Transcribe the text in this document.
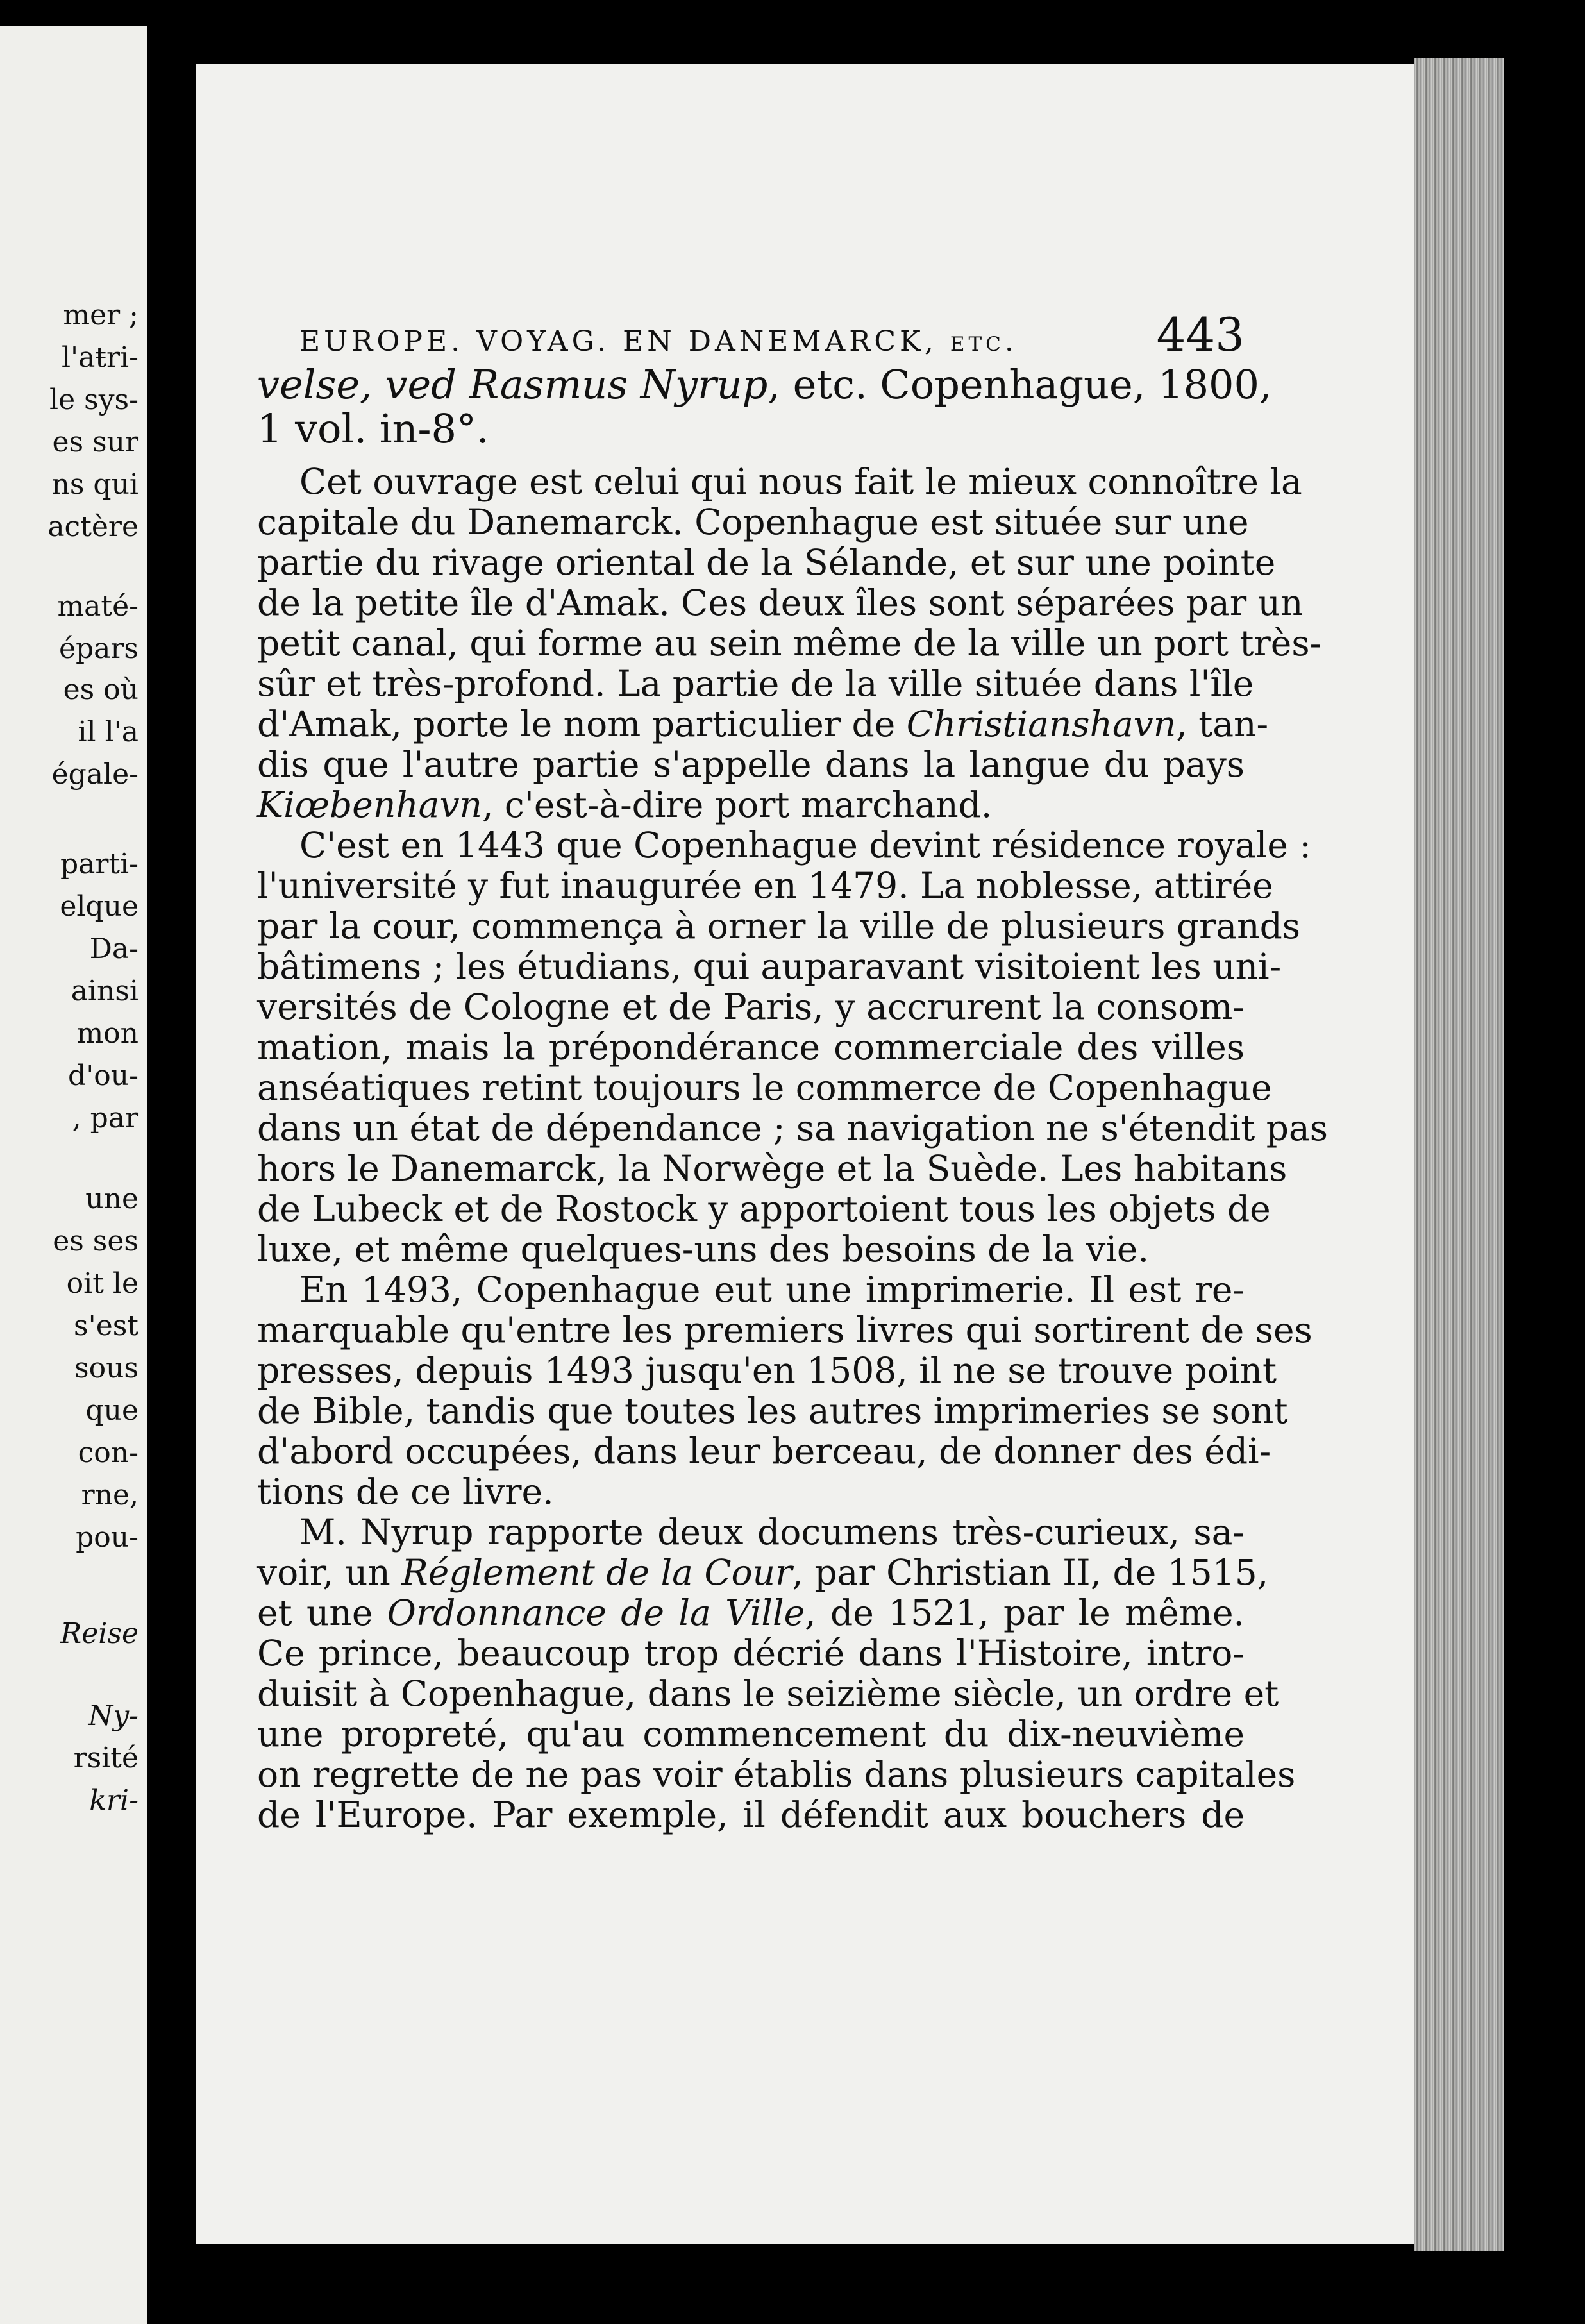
mer ;

l'aŧri-

le sys-

es sur

ns qui

actère

maté-

épars

es où

il l'a

égale-

parti-

elque

Da-

ainsi

mon

d'ou-

, par

une

es ses

oit le

s'est

sous

que

con-

rne,

pou-

Reise

Ny-

rsité

kri-

EUROPE. VOYAG. EN DANEMARCK, etc.	443

velse, ved Rasmus Nyrup, etc. Copenhague, 1800,

1 vol. in-8°.

Cet ouvrage est celui qui nous fait le mieux connoître la

capitale du Danemarck. Copenhague est située sur une

partie du rivage oriental de la Sélande, et sur une pointe

de la petite île d'Amak. Ces deux îles sont séparées par un

petit canal, qui forme au sein même de la ville un port très-

sûr et très-profond. La partie de la ville située dans l'île

d'Amak, porte le nom particulier de Christianshavn, tan-

dis que l'autre partie s'appelle dans la langue du pays

Kiœbenhavn, c'est-à-dire port marchand.

C'est en 1443 que Copenhague devint résidence royale :

l'université y fut inaugurée en 1479. La noblesse, attirée

par la cour, commença à orner la ville de plusieurs grands

bâtimens ; les étudians, qui auparavant visitoient les uni-

versités de Cologne et de Paris, y accrurent la consom-

mation, mais la prépondérance commerciale des villes

anséatiques retint toujours le commerce de Copenhague

dans un état de dépendance ; sa navigation ne s'étendit pas

hors le Danemarck, la Norwège et la Suède. Les habitans

de Lubeck et de Rostock y apportoient tous les objets de

luxe, et même quelques-uns des besoins de la vie.

En 1493, Copenhague eut une imprimerie. Il est re-

marquable qu'entre les premiers livres qui sortirent de ses

presses, depuis 1493 jusqu'en 1508, il ne se trouve point

de Bible, tandis que toutes les autres imprimeries se sont

d'abord occupées, dans leur berceau, de donner des édi-

tions de ce livre.

M. Nyrup rapporte deux documens très-curieux, sa-

voir, un Réglement de la Cour, par Christian II, de 1515,

et une Ordonnance de la Ville, de 1521, par le même.

Ce prince, beaucoup trop décrié dans l'Histoire, intro-

duisit à Copenhague, dans le seizième siècle, un ordre et

une propreté, qu'au commencement du dix-neuvième

on regrette de ne pas voir établis dans plusieurs capitales

de l'Europe. Par exemple, il défendit aux bouchers de
